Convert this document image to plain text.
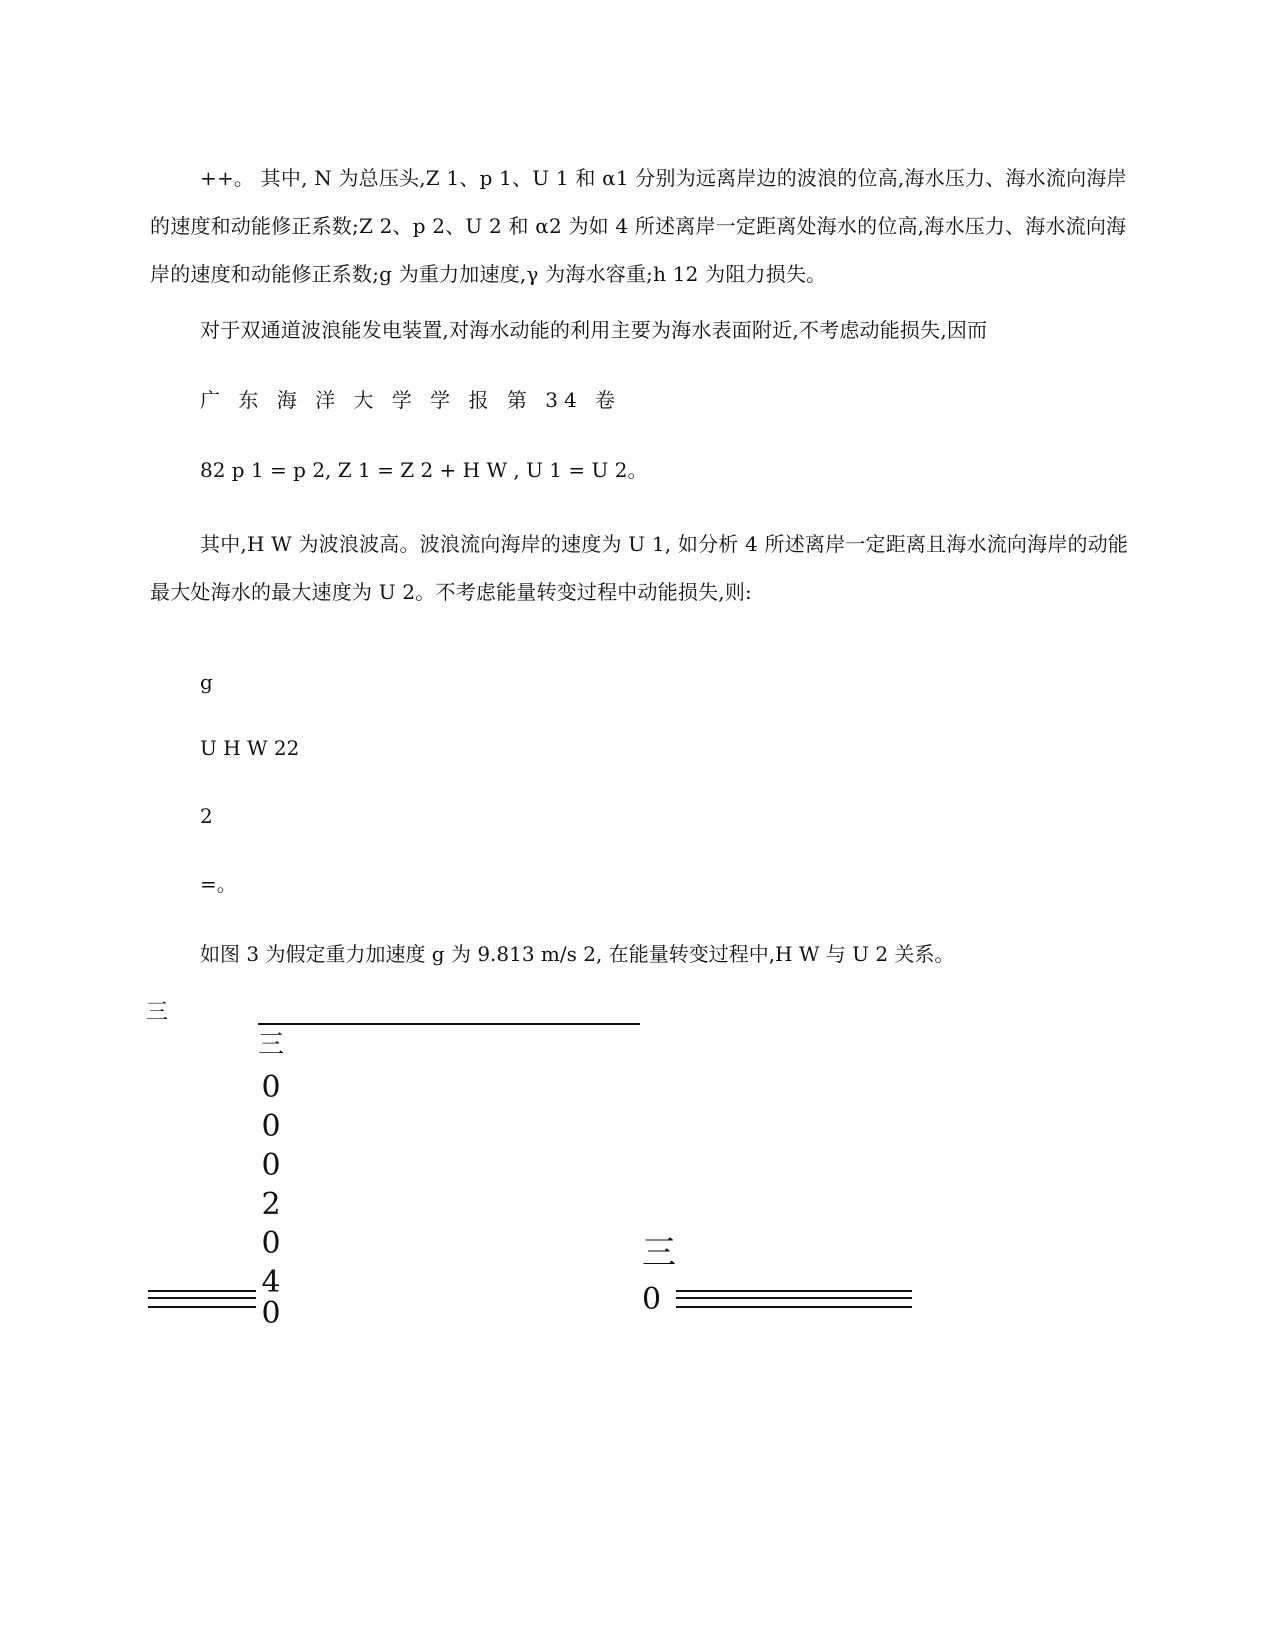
++。 其中, N 为总压头,Z 1、p 1、U 1 和 α1 分别为远离岸边的波浪的位高,海水压力、海水流向海岸的速度和动能修正系数;Z 2、p 2、U 2 和 α2 为如 4 所述离岸一定距离处海水的位高,海水压力、海水流向海岸的速度和动能修正系数;g 为重力加速度,γ 为海水容重;h 12 为阻力损失。

对于双通道波浪能发电装置,对海水动能的利用主要为海水表面附近,不考虑动能损失,因而

广 东 海 洋 大 学 学 报 第 34 卷

82 p 1 = p 2, Z 1 = Z 2 + H W , U 1 = U 2。

其中,H W 为波浪波高。波浪流向海岸的速度为 U 1, 如分析 4 所述离岸一定距离且海水流向海岸的动能最大处海水的最大速度为 U 2。不考虑能量转变过程中动能损失,则:

g

U H W 22

2

=。

如图 3 为假定重力加速度 g 为 9.813 m/s 2, 在能量转变过程中,H W 与 U 2 关系。

三
三
0
0
0
2
0
4
0
三
0
